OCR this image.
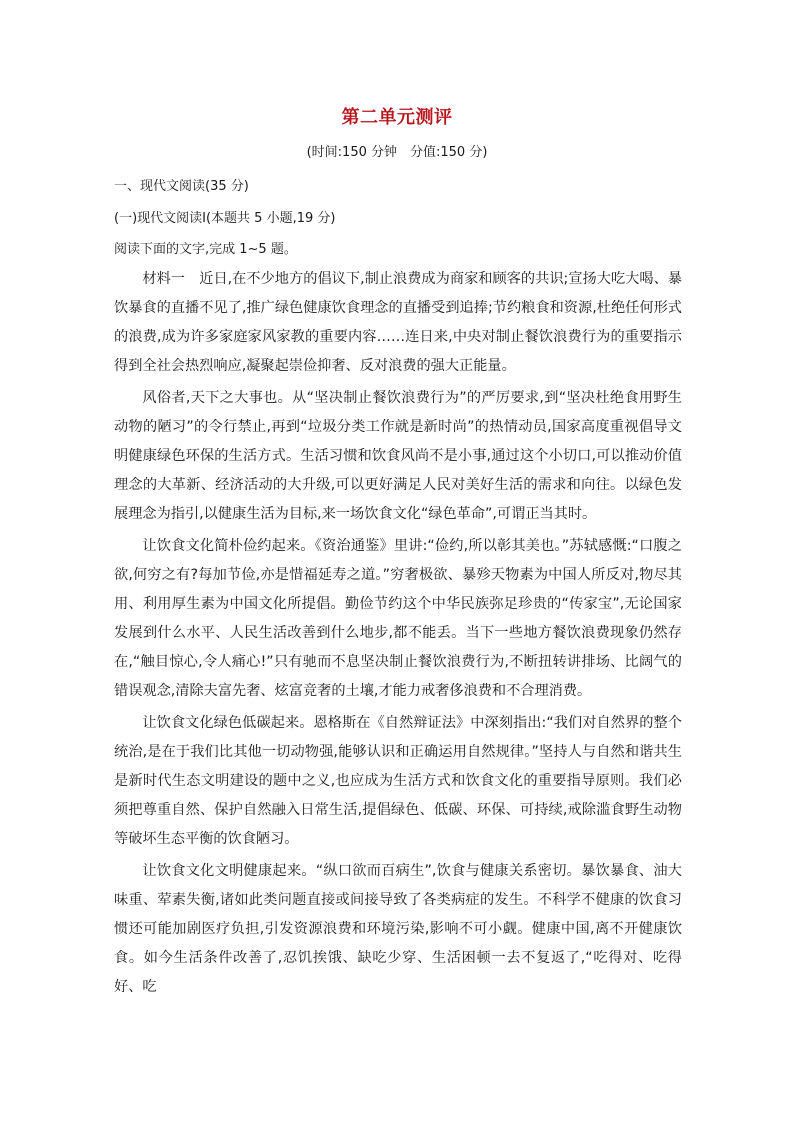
第二单元测评
(时间:150 分钟　分值:150 分)
一、现代文阅读(35 分)
(一)现代文阅读Ⅰ(本题共 5 小题,19 分)
阅读下面的文字,完成 1~5 题。

材料一　近日,在不少地方的倡议下,制止浪费成为商家和顾客的共识;宣扬大吃大喝、暴饮暴食的直播不见了,推广绿色健康饮食理念的直播受到追捧;节约粮食和资源,杜绝任何形式的浪费,成为许多家庭家风家教的重要内容……连日来,中央对制止餐饮浪费行为的重要指示得到全社会热烈响应,凝聚起崇俭抑奢、反对浪费的强大正能量。

风俗者,天下之大事也。从“坚决制止餐饮浪费行为”的严厉要求,到“坚决杜绝食用野生动物的陋习”的令行禁止,再到“垃圾分类工作就是新时尚”的热情动员,国家高度重视倡导文明健康绿色环保的生活方式。生活习惯和饮食风尚不是小事,通过这个小切口,可以推动价值理念的大革新、经济活动的大升级,可以更好满足人民对美好生活的需求和向往。以绿色发展理念为指引,以健康生活为目标,来一场饮食文化“绿色革命”,可谓正当其时。

让饮食文化简朴俭约起来。《资治通鉴》里讲:“俭约,所以彰其美也。”苏轼感慨:“口腹之欲,何穷之有?每加节俭,亦是惜福延寿之道。”穷奢极欲、暴殄天物素为中国人所反对,物尽其用、利用厚生素为中国文化所提倡。勤俭节约这个中华民族弥足珍贵的“传家宝”,无论国家发展到什么水平、人民生活改善到什么地步,都不能丢。当下一些地方餐饮浪费现象仍然存在,“触目惊心,令人痛心!”只有驰而不息坚决制止餐饮浪费行为,不断扭转讲排场、比阔气的错误观念,清除夫富先奢、炫富竞奢的土壤,才能力戒奢侈浪费和不合理消费。

让饮食文化绿色低碳起来。恩格斯在《自然辩证法》中深刻指出:“我们对自然界的整个统治,是在于我们比其他一切动物强,能够认识和正确运用自然规律。”坚持人与自然和谐共生是新时代生态文明建设的题中之义,也应成为生活方式和饮食文化的重要指导原则。我们必须把尊重自然、保护自然融入日常生活,提倡绿色、低碳、环保、可持续,戒除滥食野生动物等破坏生态平衡的饮食陋习。

让饮食文化文明健康起来。“纵口欲而百病生”,饮食与健康关系密切。暴饮暴食、油大味重、荤素失衡,诸如此类问题直接或间接导致了各类病症的发生。不科学不健康的饮食习惯还可能加剧医疗负担,引发资源浪费和环境污染,影响不可小觑。健康中国,离不开健康饮食。如今生活条件改善了,忍饥挨饿、缺吃少穿、生活困顿一去不复返了,“吃得对、吃得好、吃
